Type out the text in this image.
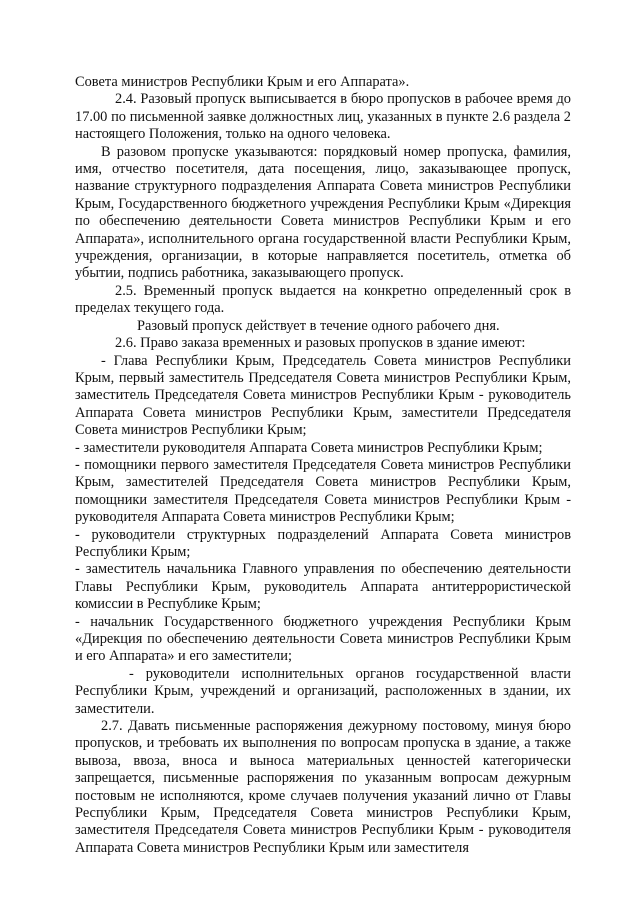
Совета министров Республики Крым и его Аппарата».

2.4. Разовый пропуск выписывается в бюро пропусков в рабочее время до 17.00 по письменной заявке должностных лиц, указанных в пункте 2.6 раздела 2 настоящего Положения, только на одного человека.

В разовом пропуске указываются: порядковый номер пропуска, фамилия, имя, отчество посетителя, дата посещения, лицо, заказывающее пропуск, название структурного подразделения Аппарата Совета министров Республики Крым, Государственного бюджетного учреждения Республики Крым «Дирекция по обеспечению деятельности Совета министров Республики Крым и его Аппарата», исполнительного органа государственной власти Республики Крым, учреждения, организации, в которые направляется посетитель, отметка об убытии, подпись работника, заказывающего пропуск.

2.5. Временный пропуск выдается на конкретно определенный срок в пределах текущего года.

Разовый пропуск действует в течение одного рабочего дня.

2.6. Право заказа временных и разовых пропусков в здание имеют:

- Глава Республики Крым, Председатель Совета министров Республики Крым, первый заместитель Председателя Совета министров Республики Крым, заместитель Председателя Совета министров Республики Крым - руководитель Аппарата Совета министров Республики Крым, заместители Председателя Совета министров Республики Крым;

- заместители руководителя Аппарата Совета министров Республики Крым;

- помощники первого заместителя Председателя Совета министров Республики Крым, заместителей Председателя Совета министров Республики Крым, помощники заместителя Председателя Совета министров Республики Крым - руководителя Аппарата Совета министров Республики Крым;

- руководители структурных подразделений Аппарата Совета министров Республики Крым;

- заместитель начальника Главного управления по обеспечению деятельности Главы Республики Крым, руководитель Аппарата антитеррористической комиссии в Республике Крым;

- начальник Государственного бюджетного учреждения Республики Крым «Дирекция по обеспечению деятельности Совета министров Республики Крым и его Аппарата» и его заместители;

- руководители исполнительных органов государственной власти Республики Крым, учреждений и организаций, расположенных в здании, их заместители.

2.7. Давать письменные распоряжения дежурному постовому, минуя бюро пропусков, и требовать их выполнения по вопросам пропуска в здание, а также вывоза, ввоза, вноса и выноса материальных ценностей категорически запрещается, письменные распоряжения по указанным вопросам дежурным постовым не исполняются, кроме случаев получения указаний лично от Главы Республики Крым, Председателя Совета министров Республики Крым, заместителя Председателя Совета министров Республики Крым - руководителя Аппарата Совета министров Республики Крым или заместителя
